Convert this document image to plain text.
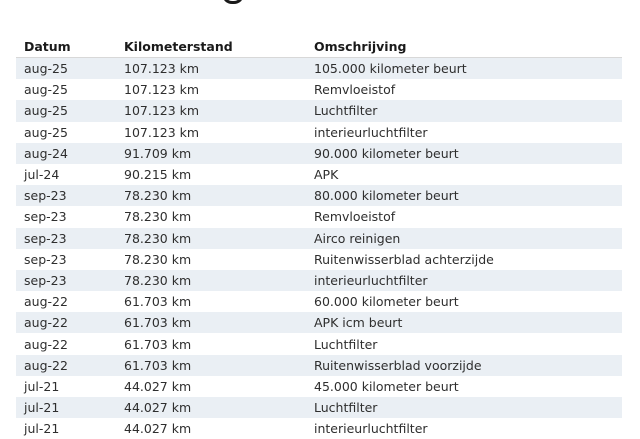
Datum	Kilometerstand	Omschrijving
aug-25	107.123 km	105.000 kilometer beurt
aug-25	107.123 km	Remvloeistof
aug-25	107.123 km	Luchtfilter
aug-25	107.123 km	interieurluchtfilter
aug-24	91.709 km	90.000 kilometer beurt
jul-24	90.215 km	APK
sep-23	78.230 km	80.000 kilometer beurt
sep-23	78.230 km	Remvloeistof
sep-23	78.230 km	Airco reinigen
sep-23	78.230 km	Ruitenwisserblad achterzijde
sep-23	78.230 km	interieurluchtfilter
aug-22	61.703 km	60.000 kilometer beurt
aug-22	61.703 km	APK icm beurt
aug-22	61.703 km	Luchtfilter
aug-22	61.703 km	Ruitenwisserblad voorzijde
jul-21	44.027 km	45.000 kilometer beurt
jul-21	44.027 km	Luchtfilter
jul-21	44.027 km	interieurluchtfilter
